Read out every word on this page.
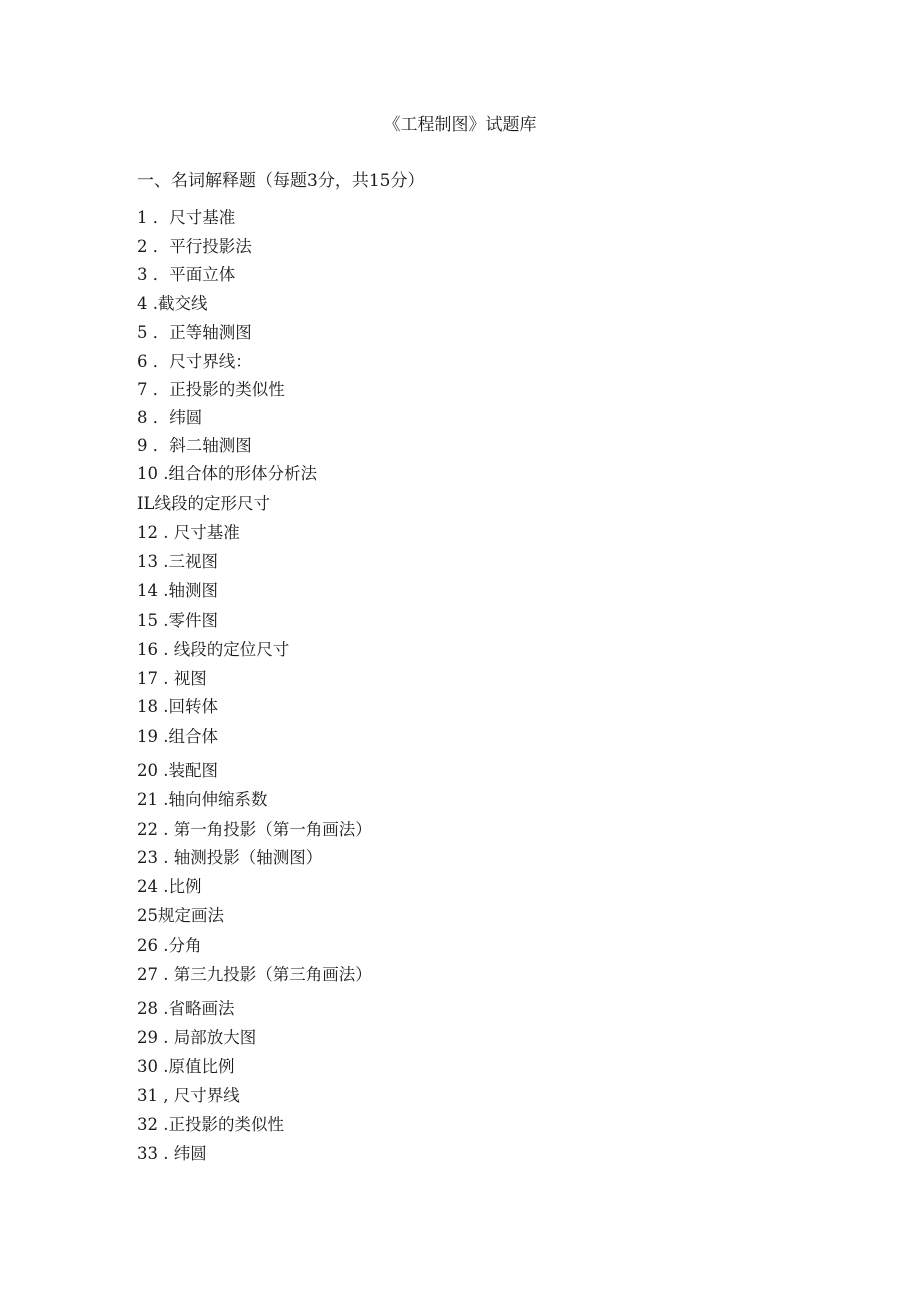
《工程制图》试题库
一、名词解释题（每题3分，共15分）
1 ．尺寸基准
2 ．平行投影法
3 ．平面立体
4 .截交线
5 ．正等轴测图
6 ．尺寸界线：
7 ．正投影的类似性
8 ．纬圆
9 ．斜二轴测图
10 .组合体的形体分析法
IL线段的定形尺寸
12 . 尺寸基准
13 .三视图
14 .轴测图
15 .零件图
16 . 线段的定位尺寸
17 . 视图
18 .回转体
19 .组合体
20 .装配图
21 .轴向伸缩系数
22 . 第一角投影（第一角画法）
23 . 轴测投影（轴测图）
24 .比例
25规定画法
26 .分角
27 . 第三九投影（第三角画法）
28 .省略画法
29 . 局部放大图
30 .原值比例
31 , 尺寸界线
32 .正投影的类似性
33 . 纬圆
